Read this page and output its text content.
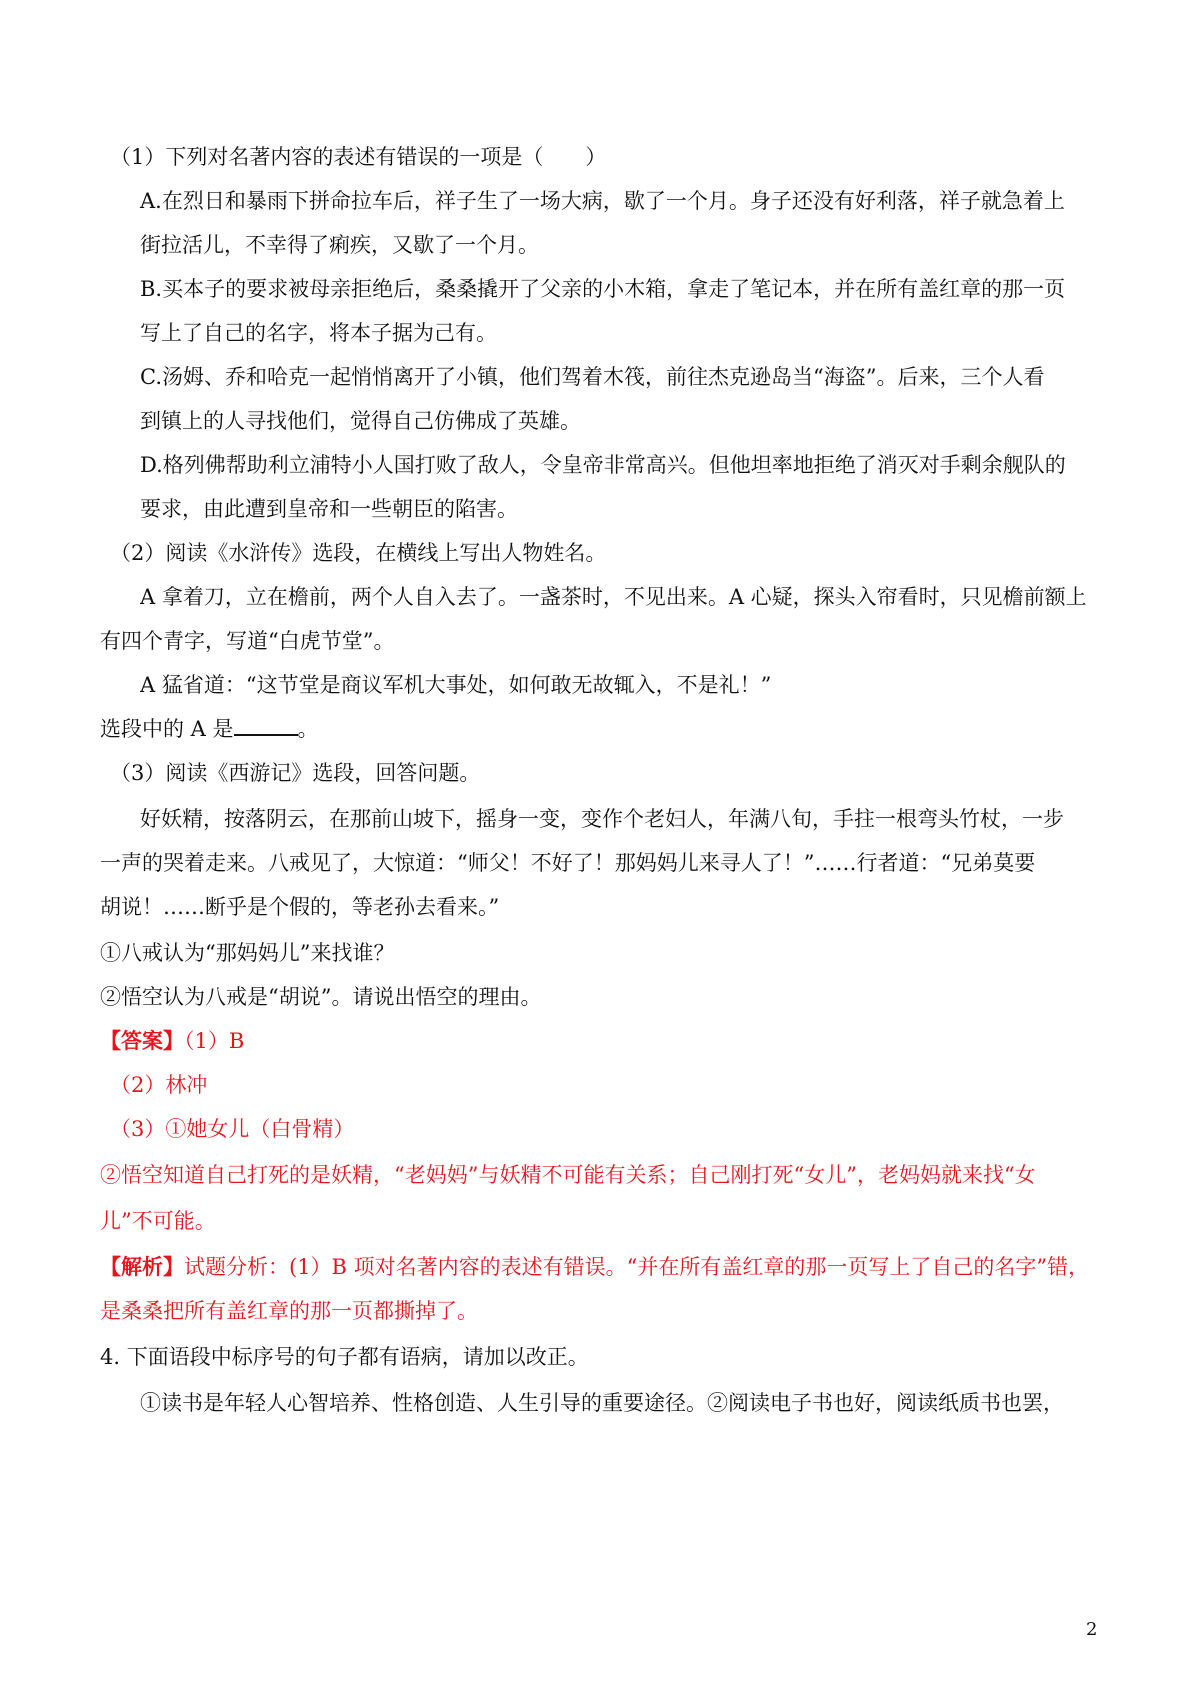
（1）下列对名著内容的表述有错误的一项是（　　）
A.在烈日和暴雨下拼命拉车后，祥子生了一场大病，歇了一个月。身子还没有好利落，祥子就急着上
街拉活儿，不幸得了痢疾，又歇了一个月。
B.买本子的要求被母亲拒绝后，桑桑撬开了父亲的小木箱，拿走了笔记本，并在所有盖红章的那一页
写上了自己的名字，将本子据为己有。
C.汤姆、乔和哈克一起悄悄离开了小镇，他们驾着木筏，前往杰克逊岛当“海盗”。后来，三个人看
到镇上的人寻找他们，觉得自己仿佛成了英雄。
D.格列佛帮助利立浦特小人国打败了敌人，令皇帝非常高兴。但他坦率地拒绝了消灭对手剩余舰队的
要求，由此遭到皇帝和一些朝臣的陷害。
（2）阅读《水浒传》选段，在横线上写出人物姓名。
A 拿着刀，立在檐前，两个人自入去了。一盏茶时，不见出来。A 心疑，探头入帘看时，只见檐前额上
有四个青字，写道“白虎节堂”。
A 猛省道：“这节堂是商议军机大事处，如何敢无故辄入，不是礼！”
选段中的 A 是	。
（3）阅读《西游记》选段，回答问题。
好妖精，按落阴云，在那前山坡下，摇身一变，变作个老妇人，年满八旬，手拄一根弯头竹杖，一步
一声的哭着走来。八戒见了，大惊道：“师父！不好了！那妈妈儿来寻人了！”……行者道：“兄弟莫要
胡说！……断乎是个假的，等老孙去看来。”
①八戒认为“那妈妈儿”来找谁？
②悟空认为八戒是“胡说”。请说出悟空的理由。
【答案】（1）B
（2）林冲
（3）①她女儿（白骨精）
②悟空知道自己打死的是妖精，“老妈妈”与妖精不可能有关系；自己刚打死“女儿”，老妈妈就来找“女
儿”不可能。
【解析】试题分析：(1）B 项对名著内容的表述有错误。“并在所有盖红章的那一页写上了自己的名字”错，
是桑桑把所有盖红章的那一页都撕掉了。
4. 下面语段中标序号的句子都有语病，请加以改正。
①读书是年轻人心智培养、性格创造、人生引导的重要途径。②阅读电子书也好，阅读纸质书也罢，
2
